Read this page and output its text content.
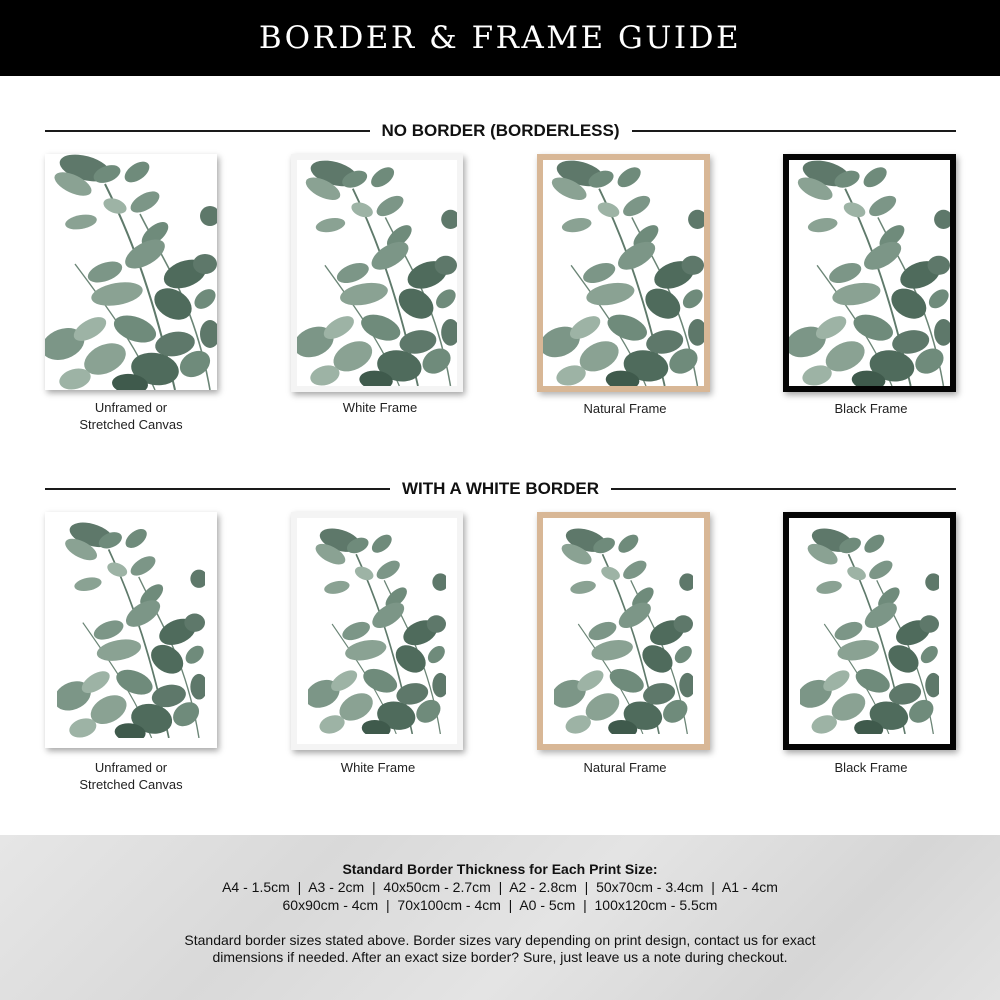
BORDER & FRAME GUIDE
NO BORDER (BORDERLESS)
WITH A WHITE BORDER
Unframed or
Stretched Canvas
White Frame	Natural Frame	Black Frame
Unframed or
Stretched Canvas
White Frame	Natural Frame	Black Frame
Standard Border Thickness for Each Print Size:
A4 - 1.5cm  |  A3 - 2cm  |  40x50cm - 2.7cm  |  A2 - 2.8cm  |  50x70cm - 3.4cm  |  A1 - 4cm
60x90cm - 4cm  |  70x100cm - 4cm  |  A0 - 5cm  |  100x120cm - 5.5cm
Standard border sizes stated above. Border sizes vary depending on print design, contact us for exact
dimensions if needed. After an exact size border? Sure, just leave us a note during checkout.
